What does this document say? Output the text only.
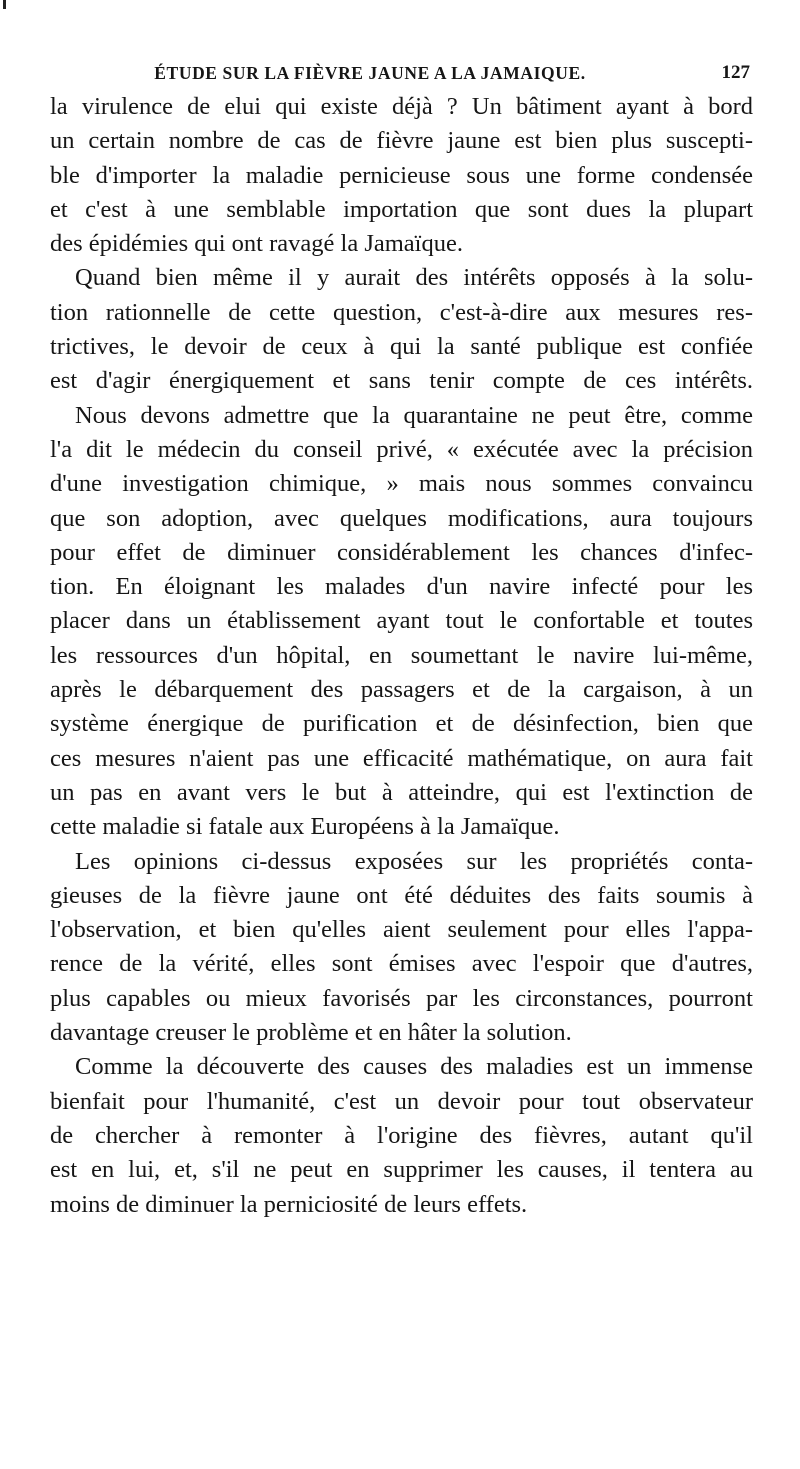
ÉTUDE SUR LA FIÈVRE JAUNE A LA JAMAIQUE.	127
la virulence de elui qui existe déjà ? Un bâtiment ayant à bord
un certain nombre de cas de fièvre jaune est bien plus suscepti-
ble d'importer la maladie pernicieuse sous une forme condensée
et c'est à une semblable importation que sont dues la plupart
des épidémies qui ont ravagé la Jamaïque.
Quand bien même il y aurait des intérêts opposés à la solu-
tion rationnelle de cette question, c'est-à-dire aux mesures res-
trictives, le devoir de ceux à qui la santé publique est confiée
est d'agir énergiquement et sans tenir compte de ces intérêts.
Nous devons admettre que la quarantaine ne peut être, comme
l'a dit le médecin du conseil privé, « exécutée avec la précision
d'une investigation chimique, » mais nous sommes convaincu
que son adoption, avec quelques modifications, aura toujours
pour effet de diminuer considérablement les chances d'infec-
tion. En éloignant les malades d'un navire infecté pour les
placer dans un établissement ayant tout le confortable et toutes
les ressources d'un hôpital, en soumettant le navire lui-même,
après le débarquement des passagers et de la cargaison, à un
système énergique de purification et de désinfection, bien que
ces mesures n'aient pas une efficacité mathématique, on aura fait
un pas en avant vers le but à atteindre, qui est l'extinction de
cette maladie si fatale aux Européens à la Jamaïque.
Les opinions ci-dessus exposées sur les propriétés conta-
gieuses de la fièvre jaune ont été déduites des faits soumis à
l'observation, et bien qu'elles aient seulement pour elles l'appa-
rence de la vérité, elles sont émises avec l'espoir que d'autres,
plus capables ou mieux favorisés par les circonstances, pourront
davantage creuser le problème et en hâter la solution.
Comme la découverte des causes des maladies est un immense
bienfait pour l'humanité, c'est un devoir pour tout observateur
de chercher à remonter à l'origine des fièvres, autant qu'il
est en lui, et, s'il ne peut en supprimer les causes, il tentera au
moins de diminuer la perniciosité de leurs effets.
